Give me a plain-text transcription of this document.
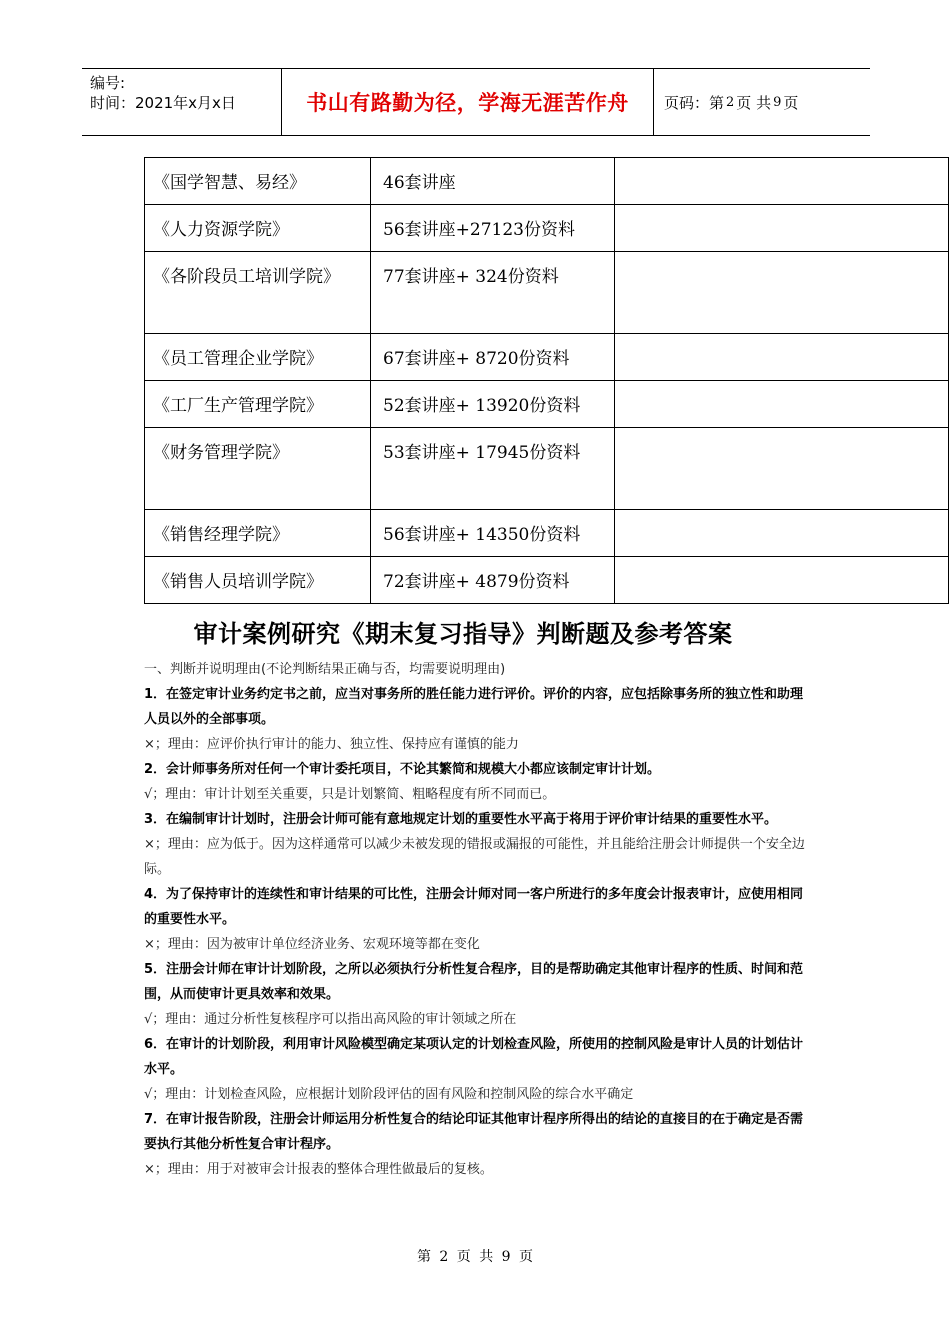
编号:
时间：2021年x月x日	书山有路勤为径，学海无涯苦作舟	页码：第 2 页 共 9 页
《国学智慧、易经》	46套讲座	
《人力资源学院》	56套讲座+27123份资料	
《各阶段员工培训学院》	77套讲座+ 324份资料	
《员工管理企业学院》	67套讲座+ 8720份资料	
《工厂生产管理学院》	52套讲座+ 13920份资料	
《财务管理学院》	53套讲座+ 17945份资料	
《销售经理学院》	56套讲座+ 14350份资料	
《销售人员培训学院》	72套讲座+ 4879份资料	
审计案例研究《期末复习指导》判断题及参考答案

一、判断并说明理由(不论判断结果正确与否，均需要说明理由)

1．在签定审计业务约定书之前，应当对事务所的胜任能力进行评价。评价的内容，应包括除事务所的独立性和助理人员以外的全部事项。

×；理由：应评价执行审计的能力、独立性、保持应有谨慎的能力

2．会计师事务所对任何一个审计委托项目，不论其繁简和规模大小都应该制定审计计划。

√；理由：审计计划至关重要，只是计划繁简、粗略程度有所不同而已。

3．在编制审计计划时，注册会计师可能有意地规定计划的重要性水平高于将用于评价审计结果的重要性水平。

×；理由：应为低于。因为这样通常可以减少未被发现的错报或漏报的可能性，并且能给注册会计师提供一个安全边际。

4．为了保持审计的连续性和审计结果的可比性，注册会计师对同一客户所进行的多年度会计报表审计，应使用相同的重要性水平。

×；理由：因为被审计单位经济业务、宏观环境等都在变化

5．注册会计师在审计计划阶段，之所以必须执行分析性复合程序，目的是帮助确定其他审计程序的性质、时间和范围，从而使审计更具效率和效果。

√；理由：通过分析性复核程序可以指出高风险的审计领域之所在

6．在审计的计划阶段，利用审计风险模型确定某项认定的计划检查风险，所使用的控制风险是审计人员的计划估计水平。

√；理由：计划检查风险，应根据计划阶段评估的固有风险和控制风险的综合水平确定

7．在审计报告阶段，注册会计师运用分析性复合的结论印证其他审计程序所得出的结论的直接目的在于确定是否需要执行其他分析性复合审计程序。

×；理由：用于对被审会计报表的整体合理性做最后的复核。

第 2 页 共 9 页
